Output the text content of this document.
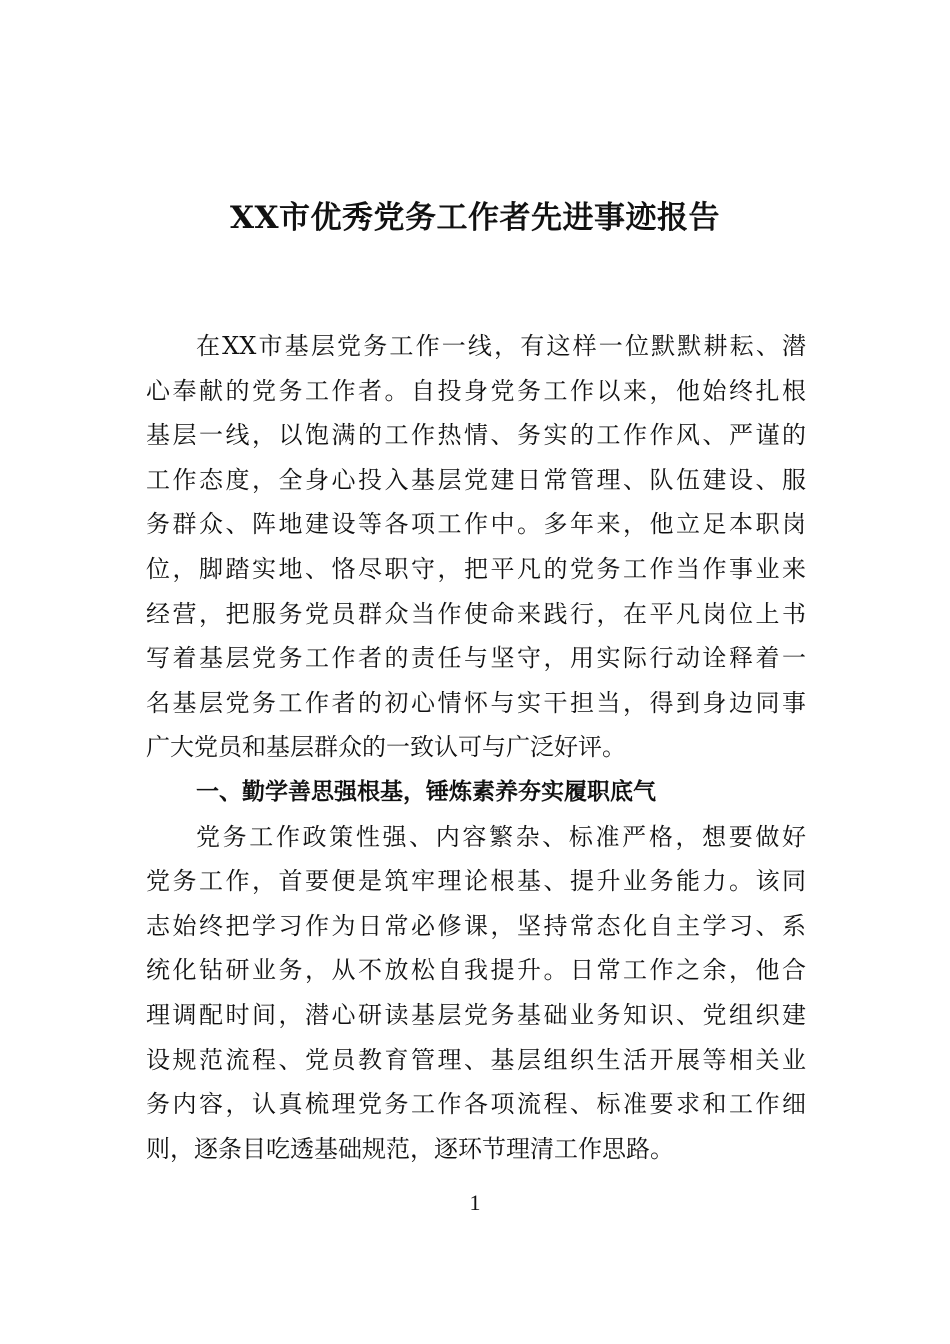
XX市优秀党务工作者先进事迹报告
在XX市基层党务工作一线，有这样一位默默耕耘、潜
心奉献的党务工作者。自投身党务工作以来，他始终扎根
基层一线，以饱满的工作热情、务实的工作作风、严谨的
工作态度，全身心投入基层党建日常管理、队伍建设、服
务群众、阵地建设等各项工作中。多年来，他立足本职岗
位，脚踏实地、恪尽职守，把平凡的党务工作当作事业来
经营，把服务党员群众当作使命来践行，在平凡岗位上书
写着基层党务工作者的责任与坚守，用实际行动诠释着一
名基层党务工作者的初心情怀与实干担当，得到身边同事
广大党员和基层群众的一致认可与广泛好评。
一、勤学善思强根基，锤炼素养夯实履职底气
党务工作政策性强、内容繁杂、标准严格，想要做好
党务工作，首要便是筑牢理论根基、提升业务能力。该同
志始终把学习作为日常必修课，坚持常态化自主学习、系
统化钻研业务，从不放松自我提升。日常工作之余，他合
理调配时间，潜心研读基层党务基础业务知识、党组织建
设规范流程、党员教育管理、基层组织生活开展等相关业
务内容，认真梳理党务工作各项流程、标准要求和工作细
则，逐条目吃透基础规范，逐环节理清工作思路。
1
